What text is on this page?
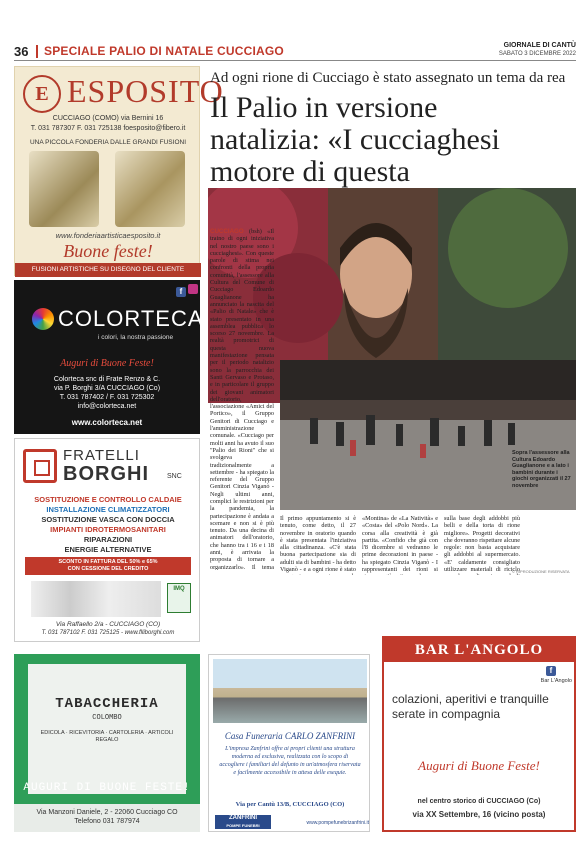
36 SPECIALE PALIO DI NATALE CUCCIAGO	GIORNALE DI CANTÙ
SABATO 3 DICEMBRE 2022
E ESPOSITO
CUCCIAGO (COMO) via Bernini 16
T. 031 787307 F. 031 725138 foesposito@fibero.it
UNA PICCOLA FONDERIA DALLE GRANDI FUSIONI
www.fonderiaartisticaesposito.it
Buone feste!
FUSIONI ARTISTICHE SU DISEGNO DEL CLIENTE
f
COLORTECA
i colori, la nostra passione
Auguri di Buone Feste!
Colorteca snc di Frate Renzo & C.
via P. Borghi 3/A CUCCIAGO (Co)
T. 031 787402 / F. 031 725302
info@colorteca.net
www.colorteca.net
FRATELLI
BORGHI	SNC
SOSTITUZIONE E CONTROLLO CALDAIE
INSTALLAZIONE CLIMATIZZATORI
SOSTITUZIONE VASCA CON DOCCIA
IMPIANTI IDROTERMOSANITARI
RIPARAZIONI
ENERGIE ALTERNATIVE
SCONTO IN FATTURA DEL 50% e 65%
CON CESSIONE DEL CREDITO
IMQ
Via Raffaello 2/a - CUCCIAGO (CO)
T. 031 787102 F. 031 725125 - www.flliborghi.com
Ad ogni rione di Cucciago è stato assegnato un tema da rea
Il Palio in versione natalizia: «I cucciaghesi motore di questa
Sopra l'assessore alla Cultura Edoardo Guaglianone e a lato i bambini durante i giochi organizzati il 27 novembre
CUCCIAGO (bsh) «Il traino di ogni iniziativa nel nostro paese sono i cucciaghesi». Con queste parole di stima nei confronti della propria comunità, l'assessore alla Cultura del Comune di Cucciago Edoardo Guaglianone ha annunciato la nascita del «Palio di Natale» che è stato presentato in una assemblea pubblica lo scorso 27 novembre. La realtà promotrici di questa nuova manifestazione pensata per il periodo natalizio sono la parrocchia dei Santi Gervaso e Protaso, e in particolare il gruppo dei giovani animatori dell'oratorio, l'associazione «Amici del Portico», il Gruppo Genitori di Cucciago e l'amministrazione comunale. «Cucciago per molti anni ha avuto il suo "Palio dei Rioni" che si svolgeva tradizionalmente a settembre - ha spiegato la referente del Gruppo Genitori Cinzia Viganò - Negli ultimi anni, complici le restrizioni per la pandemia, la partecipazione è andata a scemare e non si è più tenuto. Da una decina di animatori dell'oratorio, che hanno tra i 16 e i 18 anni, è arrivata la proposta di tornare a organizzarlo». Il tema
Il primo appuntamento si è tenuto, come detto, il 27 novembre in oratorio quando è stata presentata l'iniziativa alla cittadinanza. «C'è stata buona partecipazione sia di adulti sia di bambini - ha detto Viganò - e a ogni rione è stato
«Montina» de «La Natività» e «Costa» del «Polo Nord». La corsa alla creatività è già partita. «Confido che già con l'8 dicembre si vedranno le prime decorazioni in paese - ha spiegato Cinzia Viganò - I rappresentanti dei rioni si
sulla base degli addobbi più belli e della torta di rione migliore». Progetti decorativi che dovranno rispettare alcune regole: non basta acquistare gli addobbi al supermercato. «E' caldamente consigliato utilizzare materiali di riciclo
© RIPRODUZIONE RISERVATA
TABACCHERIA
COLOMBO
EDICOLA · RICEVITORIA · CARTOLERIA · ARTICOLI REGALO
AUGURI DI BUONE FESTE!
Via Manzoni Daniele, 2 - 22060 Cucciago CO
Telefono 031 787974
Casa Funeraria CARLO ZANFRINI
L'impresa Zanfrini offre ai propri clienti una struttura moderna ed esclusiva, realizzata con lo scopo di accogliere i familiari del defunto in un'atmosfera riservata e facilmente accessibile in attesa delle esequie.
Via per Cantù 13/B, CUCCIAGO (CO)
ZANFRINI
POMPE FUNEBRI	www.pompefunebrizanfrini.it
BAR L'ANGOLO
f
Bar L'Angolo
colazioni, aperitivi e tranquille serate in compagnia
Auguri di Buone Feste!
nel centro storico di CUCCIAGO (Co)
via XX Settembre, 16 (vicino posta)
